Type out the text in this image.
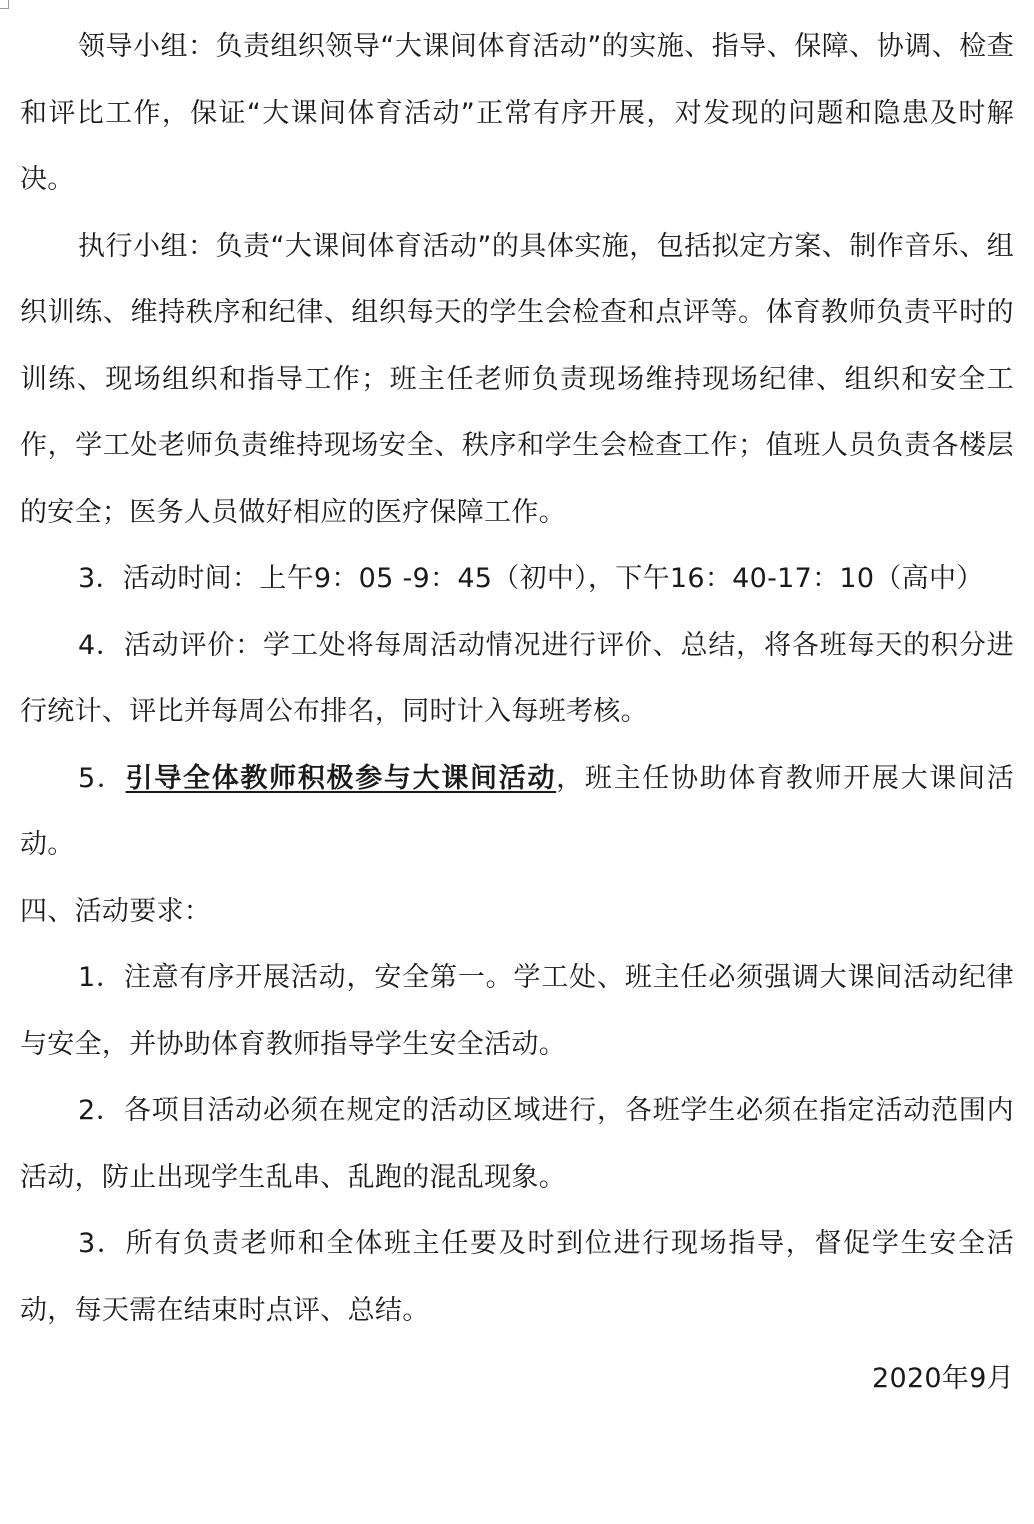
领导小组：负责组织领导“大课间体育活动”的实施、指导、保障、协调、检查和评比工作，保证“大课间体育活动”正常有序开展，对发现的问题和隐患及时解决。

执行小组：负责“大课间体育活动”的具体实施，包括拟定方案、制作音乐、组织训练、维持秩序和纪律、组织每天的学生会检查和点评等。体育教师负责平时的训练、现场组织和指导工作；班主任老师负责现场维持现场纪律、组织和安全工作，学工处老师负责维持现场安全、秩序和学生会检查工作；值班人员负责各楼层的安全；医务人员做好相应的医疗保障工作。

3．活动时间：上午9：05 -9：45（初中），下午16：40-17：10（高中）

4．活动评价：学工处将每周活动情况进行评价、总结，将各班每天的积分进行统计、评比并每周公布排名，同时计入每班考核。

5．引导全体教师积极参与大课间活动，班主任协助体育教师开展大课间活动。

四、活动要求：

1．注意有序开展活动，安全第一。学工处、班主任必须强调大课间活动纪律与安全，并协助体育教师指导学生安全活动。

2．各项目活动必须在规定的活动区域进行，各班学生必须在指定活动范围内活动，防止出现学生乱串、乱跑的混乱现象。

3．所有负责老师和全体班主任要及时到位进行现场指导，督促学生安全活动，每天需在结束时点评、总结。

2020年9月
